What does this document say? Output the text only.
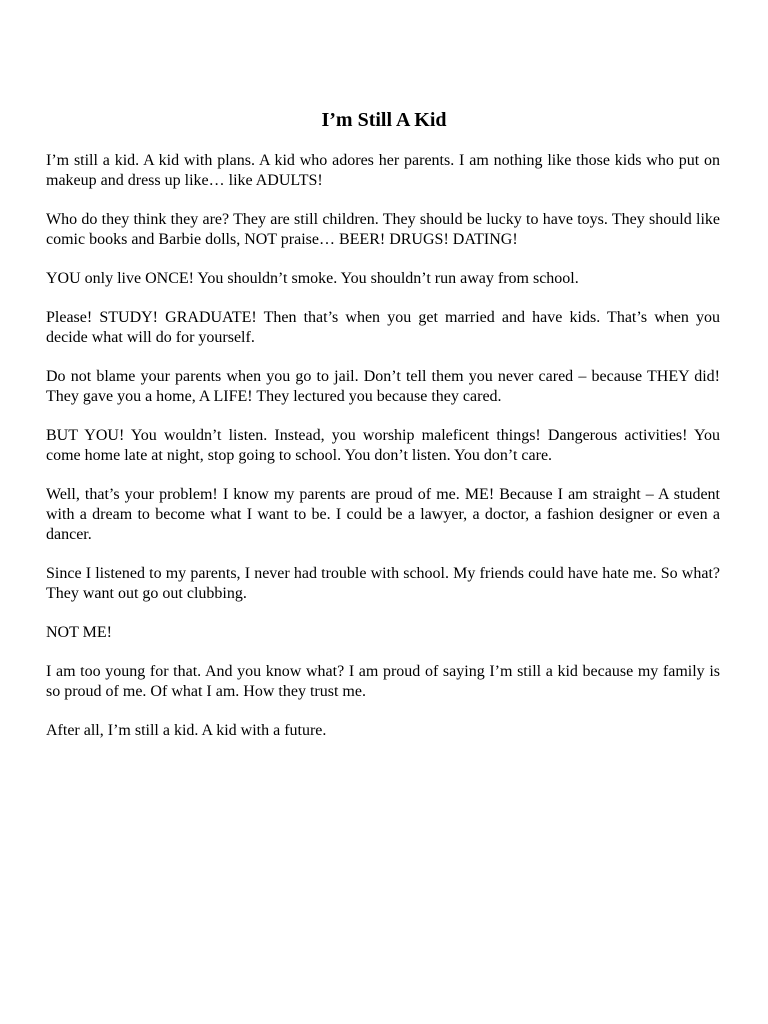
I’m Still A Kid

I’m still a kid. A kid with plans. A kid who adores her parents. I am nothing like those kids who put on makeup and dress up like… like ADULTS!

Who do they think they are? They are still children. They should be lucky to have toys. They should like comic books and Barbie dolls, NOT praise… BEER! DRUGS! DATING!

YOU only live ONCE! You shouldn’t smoke. You shouldn’t run away from school.

Please! STUDY! GRADUATE! Then that’s when you get married and have kids. That’s when you decide what will do for yourself.

Do not blame your parents when you go to jail. Don’t tell them you never cared – because THEY did! They gave you a home, A LIFE! They lectured you because they cared.

BUT YOU! You wouldn’t listen. Instead, you worship maleficent things! Dangerous activities! You come home late at night, stop going to school. You don’t listen. You don’t care.

Well, that’s your problem! I know my parents are proud of me. ME! Because I am straight – A student with a dream to become what I want to be. I could be a lawyer, a doctor, a fashion designer or even a dancer.

Since I listened to my parents, I never had trouble with school. My friends could have hate me. So what? They want out go out clubbing.

NOT ME!

I am too young for that. And you know what? I am proud of saying I’m still a kid because my family is so proud of me. Of what I am. How they trust me.

After all, I’m still a kid. A kid with a future.
